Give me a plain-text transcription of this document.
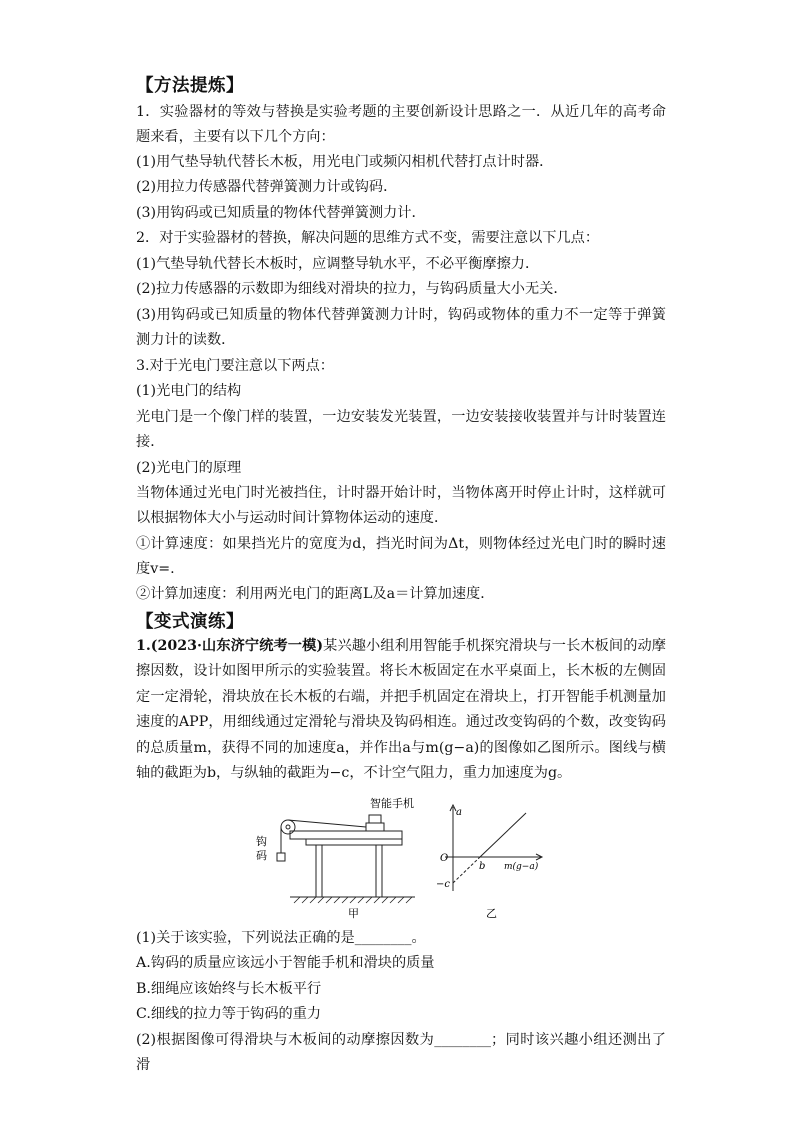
【方法提炼】
1．实验器材的等效与替换是实验考题的主要创新设计思路之一．从近几年的高考命题来看，主要有以下几个方向：
(1)用气垫导轨代替长木板，用光电门或频闪相机代替打点计时器．
(2)用拉力传感器代替弹簧测力计或钩码．
(3)用钩码或已知质量的物体代替弹簧测力计．
2．对于实验器材的替换，解决问题的思维方式不变，需要注意以下几点：
(1)气垫导轨代替长木板时，应调整导轨水平，不必平衡摩擦力．
(2)拉力传感器的示数即为细线对滑块的拉力，与钩码质量大小无关．
(3)用钩码或已知质量的物体代替弹簧测力计时，钩码或物体的重力不一定等于弹簧测力计的读数．
3.对于光电门要注意以下两点：
(1)光电门的结构
光电门是一个像门样的装置，一边安装发光装置，一边安装接收装置并与计时装置连接．
(2)光电门的原理
当物体通过光电门时光被挡住，计时器开始计时，当物体离开时停止计时，这样就可以根据物体大小与运动时间计算物体运动的速度．
①计算速度：如果挡光片的宽度为d，挡光时间为Δt，则物体经过光电门时的瞬时速度v=.
②计算加速度：利用两光电门的距离L及a＝计算加速度．
【变式演练】
1.(2023·山东济宁统考一模)某兴趣小组利用智能手机探究滑块与一长木板间的动摩擦因数，设计如图甲所示的实验装置。将长木板固定在水平桌面上，长木板的左侧固定一定滑轮，滑块放在长木板的右端，并把手机固定在滑块上，打开智能手机测量加速度的APP，用细线通过定滑轮与滑块及钩码相连。通过改变钩码的个数，改变钩码的总质量m，获得不同的加速度a，并作出a与m(g−a)的图像如乙图所示。图线与横轴的截距为b，与纵轴的截距为−c，不计空气阻力，重力加速度为g。
智能手机
钩
码
甲
a
m(g−a)
O
b
−c
乙
(1)关于该实验，下列说法正确的是________。
A.钩码的质量应该远小于智能手机和滑块的质量
B.细绳应该始终与长木板平行
C.细线的拉力等于钩码的重力
(2)根据图像可得滑块与木板间的动摩擦因数为________；同时该兴趣小组还测出了滑
